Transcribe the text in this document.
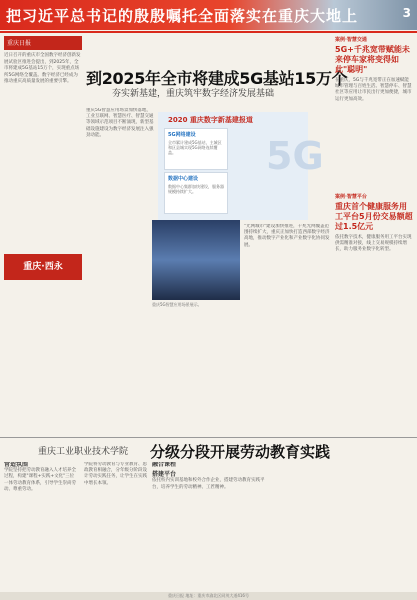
把习近平总书记的殷殷嘱托全面落实在重庆大地上	3
重庆日报
近日召开的重庆市全国数字经济创新发展试验区推进会提出，到2025年，全市将建成5G基站15万个，实现重点场所5G网络全覆盖。数字经济已经成为推动重庆高质量发展的重要引擎。
重庆·西永
到2025年全市将建成5G基站15万个
夯实新基建，重庆筑牢数字经济发展基础
重庆5G智慧应用场景加快落地，工业互联网、智慧医疗、智慧交通等领域示范项目不断涌现，新型基础设施建设为数字经济发展注入强劲动能。
2020 重庆数字新基建报道
5G
5G网络建设
全市累计建成5G基站，主城区和区县城实现5G网络连续覆盖。
数据中心建设
数据中心集群加快建设，服务器规模持续扩大。
重庆5G智慧应用场景展示。
"光网城市"建设加快推进，千兆光网覆盖范围持续扩大，重庆正加快打造西部数字经济高地，推动数字产业化和产业数字化协同发展。
案例·智慧交通
5G+千兆宽带赋能未来停车家将变得如此"聪明"
在重庆，5G与千兆宽带正在加速赋能城市管理与百姓生活。智慧停车、智慧社区等应用让市民出行更加便捷，城市运行更加高效。
案例·智慧平台
重庆首个健康服务用工平台5月份交易额超过1.5亿元
依托数字技术，健康服务用工平台实现供需精准对接，线上交易规模持续增长，助力服务业数字化转型。
重庆工业职业技术学院 分级分段开展劳动教育实践
营造氛围
学院坚持把劳动教育融入人才培养全过程，构建"课程+实践+文化"三位一体劳动教育体系，引导学生崇尚劳动、尊重劳动。
学院将劳动教育与专业教育、思政教育相融合，分年级分阶段设计劳动实践任务，让学生在实践中增长本领。
融合课程
搭建平台
依托校内实训基地和校外合作企业，搭建劳动教育实践平台，培养学生的劳动精神、工匠精神。
重庆日报 地址：重庆市渝北区同茂大道416号
